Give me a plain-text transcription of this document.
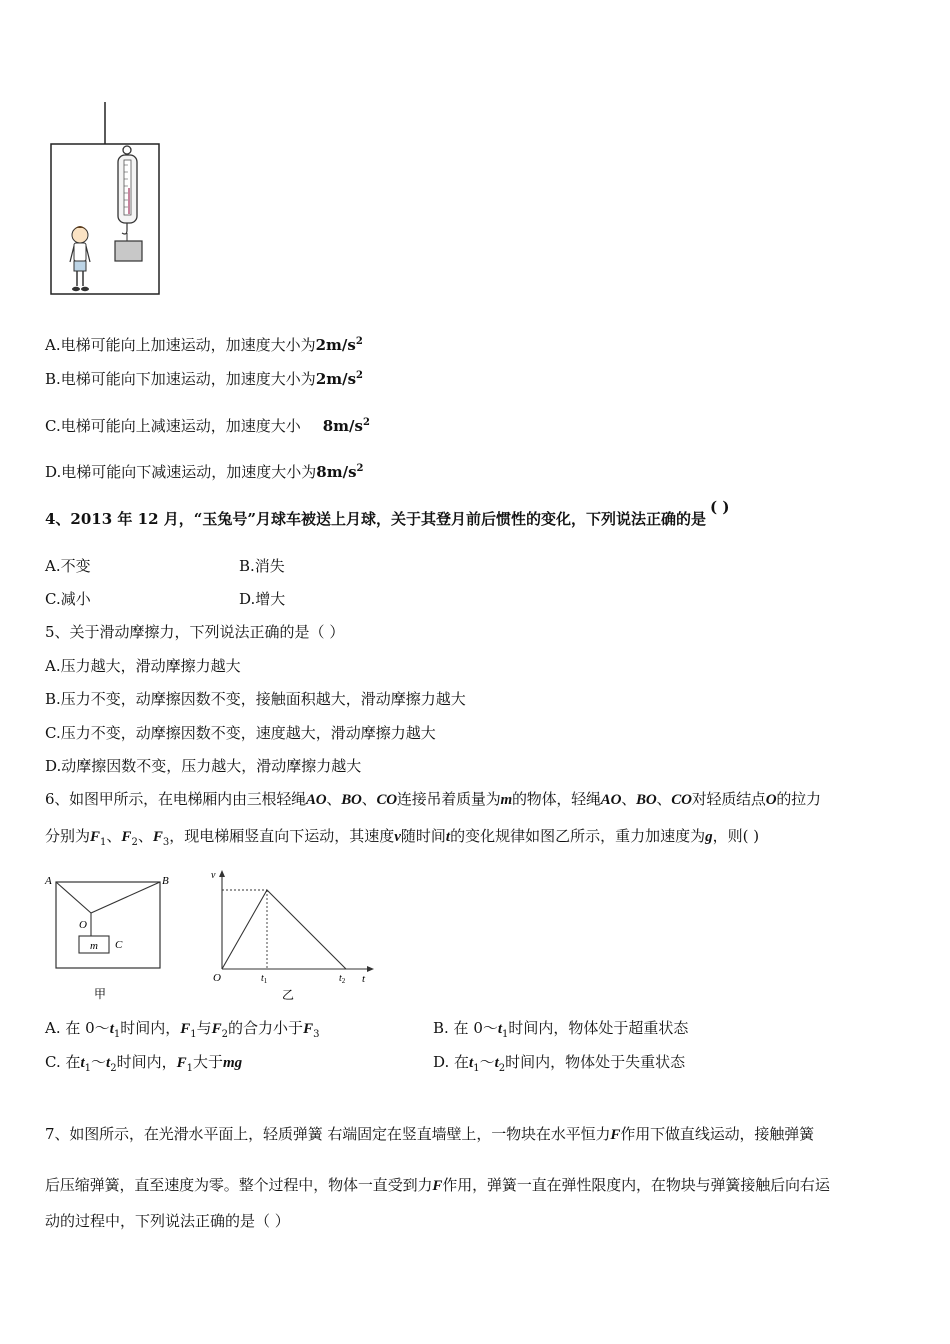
A.电梯可能向上加速运动，加速度大小为$2m/s^2$
B.电梯可能向下加速运动，加速度大小为$2m/s^2$
C.电梯可能向上减速运动，加速度大小 $8m/s^2$
D.电梯可能向下减速运动，加速度大小为$8m/s^2$
4、2013 年 12 月，“玉兔号”月球车被送上月球，关于其登月前后惯性的变化，下列说法正确的是( )
A.不变	B.消失
C.减小	D.增大
5、关于滑动摩擦力，下列说法正确的是（ ）
A.压力越大，滑动摩擦力越大
B.压力不变，动摩擦因数不变，接触面积越大，滑动摩擦力越大
C.压力不变，动摩擦因数不变，速度越大，滑动摩擦力越大
D.动摩擦因数不变，压力越大，滑动摩擦力越大
6、如图甲所示，在电梯厢内由三根轻绳AO、BO、CO连接吊着质量为m的物体，轻绳AO、BO、CO对轻质结点O的拉力
分别为$F_1$、$F_2$、$F_3$，现电梯厢竖直向下运动，其速度v随时间t的变化规律如图乙所示，重力加速度为g，则( )
A	B
O
m C
甲
v
O	$t_1$	$t_2$ t
乙
A. 在 $0\sim t_1$时间内，$F_1$与$F_2$的合力小于$F_3$	B. 在 $0\sim t_1$时间内，物体处于超重状态
C. 在$t_1\sim t_2$时间内，$F_1$大于mg	D. 在$t_1\sim t_2$时间内，物体处于失重状态
7、如图所示，在光滑水平面上，轻质弹簧 右端固定在竖直墙壁上，一物块在水平恒力F作用下做直线运动，接触弹簧
后压缩弹簧，直至速度为零。整个过程中，物体一直受到力F作用，弹簧一直在弹性限度内，在物块与弹簧接触后向右运
动的过程中，下列说法正确的是（ ）
